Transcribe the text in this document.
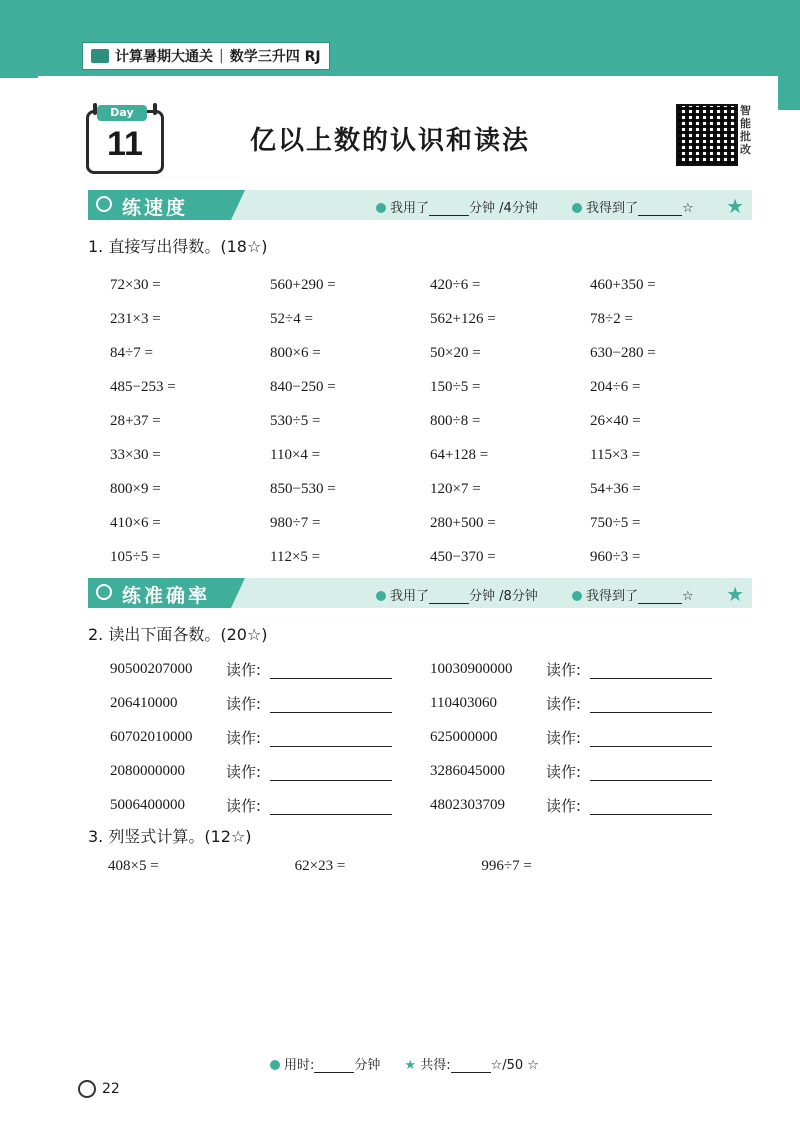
计算暑期大通关 | 数学三升四 RJ
Day
11	亿以上数的认识和读法
智能批改
练速度	我用了	分钟 /4分钟	我得到了	☆ ★
1. 直接写出得数。(18☆)
72×30 =	560+290 =	420÷6 =	460+350 =
231×3 =	52÷4 =	562+126 =	78÷2 =
84÷7 =	800×6 =	50×20 =	630−280 =
485−253 =	840−250 =	150÷5 =	204÷6 =
28+37 =	530÷5 =	800÷8 =	26×40 =
33×30 =	110×4 =	64+128 =	115×3 =
800×9 =	850−530 =	120×7 =	54+36 =
410×6 =	980÷7 =	280+500 =	750÷5 =
105÷5 =	112×5 =	450−370 =	960÷3 =
练准确率	我用了	分钟 /8分钟	我得到了	☆ ★
2. 读出下面各数。(20☆)
90500207000	读作:	10030900000	读作:
206410000	读作:	110403060	读作:
60702010000	读作:	625000000	读作:
2080000000	读作:	3286045000	读作:
5006400000	读作:	4802303709	读作:
3. 列竖式计算。(12☆)
408×5 =	62×23 =	996÷7 =
用时:	分钟 ★ 共得:	☆/50 ☆
22
